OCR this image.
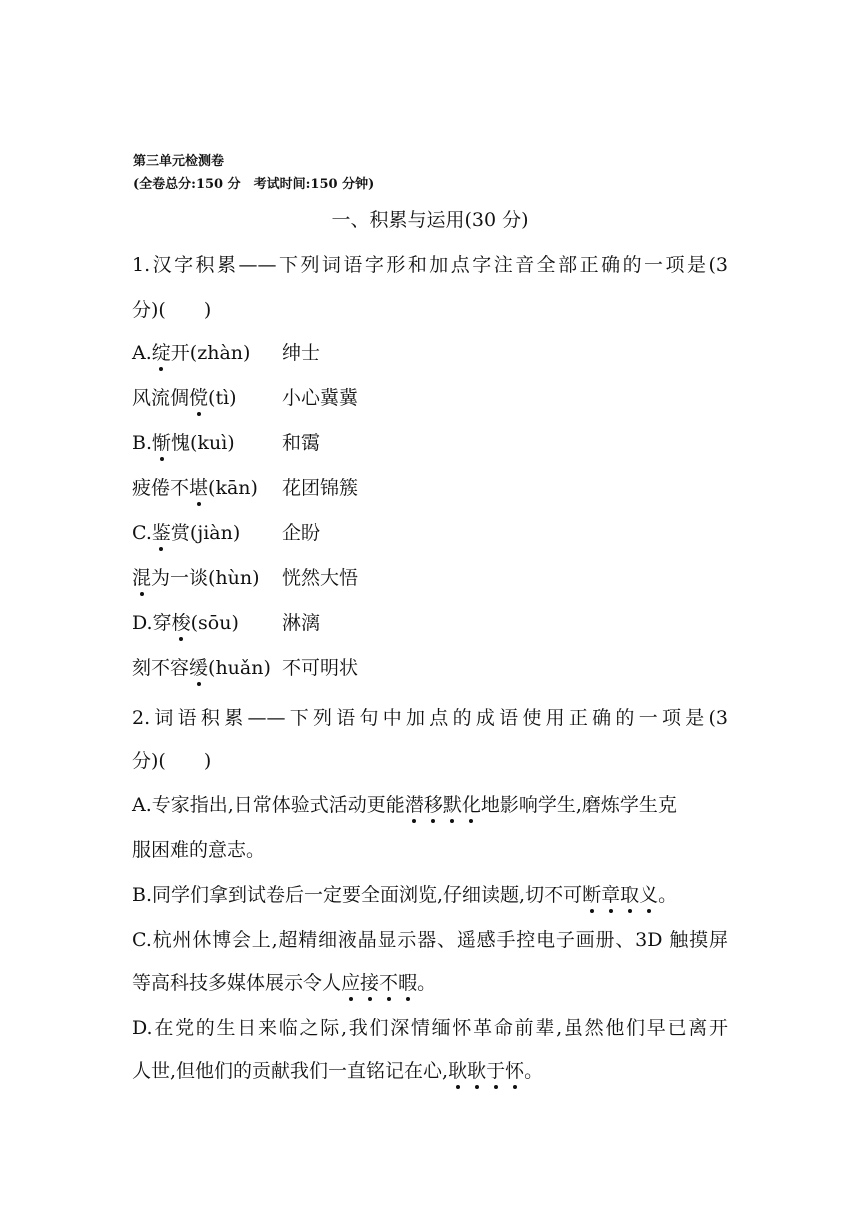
第三单元检测卷
(全卷总分:150 分　考试时间:150 分钟)
一、积累与运用(30 分)
1.汉字积累——下列词语字形和加点字注音全部正确的一项是(3
分)(　　)
A.绽开(zhàn) 绅士
风流倜傥(tì) 小心冀冀
B.惭愧(kuì) 和霭
疲倦不堪(kān) 花团锦簇
C.鉴赏(jiàn) 企盼
混为一谈(hùn) 恍然大悟
D.穿梭(sōu) 淋漓
刻不容缓(huǎn) 不可明状
2.词语积累——下列语句中加点的成语使用正确的一项是(3
分)(　　)
A.专家指出,日常体验式活动更能潜移默化地影响学生,磨炼学生克
服困难的意志。
B.同学们拿到试卷后一定要全面浏览,仔细读题,切不可断章取义。
C.杭州休博会上,超精细液晶显示器、遥感手控电子画册、3D 触摸屏
等高科技多媒体展示令人应接不暇。
D.在党的生日来临之际,我们深情缅怀革命前辈,虽然他们早已离开
人世,但他们的贡献我们一直铭记在心,耿耿于怀。
